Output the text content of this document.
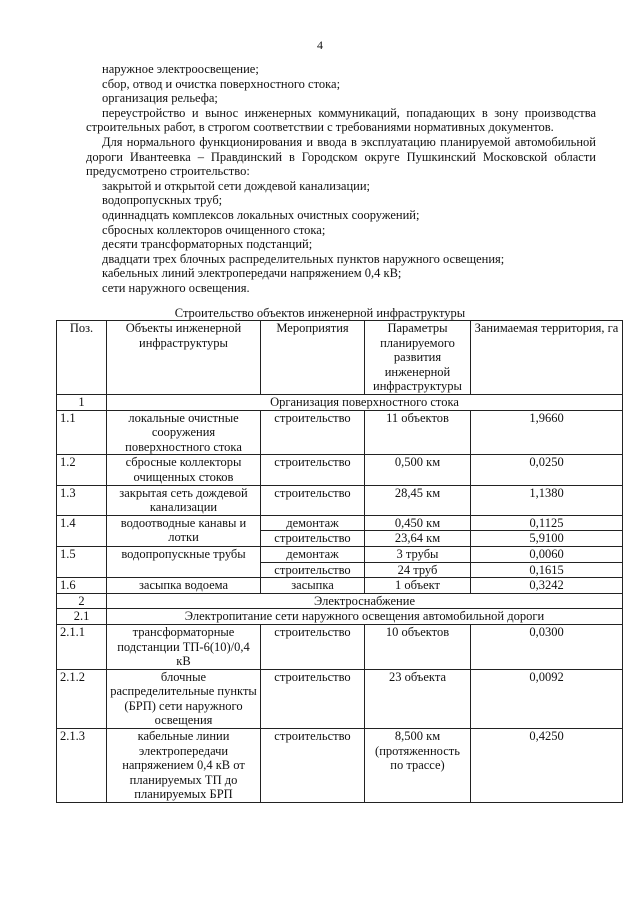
4

наружное электроосвещение;

сбор, отвод и очистка поверхностного стока;

организация рельефа;

переустройство и вынос инженерных коммуникаций, попадающих в зону производства строительных работ, в строгом соответствии с требованиями нормативных документов.

Для нормального функционирования и ввода в эксплуатацию планируемой автомобильной дороги Ивантеевка – Правдинский в Городском округе Пушкинский Московской области предусмотрено строительство:

закрытой и открытой сети дождевой канализации;

водопропускных труб;

одиннадцать комплексов локальных очистных сооружений;

сбросных коллекторов очищенного стока;

десяти трансформаторных подстанций;

двадцати трех блочных распределительных пунктов наружного освещения;

кабельных линий электропередачи напряжением 0,4 кВ;

сети наружного освещения.

Строительство объектов инженерной инфраструктуры
Поз.	Объекты инженерной инфраструктуры	Мероприятия	Параметры планируемого развития инженерной инфраструктуры	Занимаемая территория, га
1	Организация поверхностного стока			
1.1	локальные очистные сооружения поверхностного стока	строительство	11 объектов	1,9660
1.2	сбросные коллекторы очищенных стоков	строительство	0,500 км	0,0250
1.3	закрытая сеть дождевой канализации	строительство	28,45 км	1,1380
1.4	водоотводные канавы и лотки	демонтаж	0,450 км	0,1125
		строительство	23,64 км	5,9100
1.5	водопропускные трубы	демонтаж	3 трубы	0,0060
		строительство	24 труб	0,1615
1.6	засыпка водоема	засыпка	1 объект	0,3242
2	Электроснабжение			
2.1	Электропитание сети наружного освещения автомобильной дороги			
2.1.1	трансформаторные подстанции ТП-6(10)/0,4 кВ	строительство	10 объектов	0,0300
2.1.2	блочные распределительные пункты (БРП) сети наружного освещения	строительство	23 объекта	0,0092
2.1.3	кабельные линии электропередачи напряжением 0,4 кВ от планируемых ТП до планируемых БРП	строительство	8,500 км (протяженность по трассе)	0,4250
